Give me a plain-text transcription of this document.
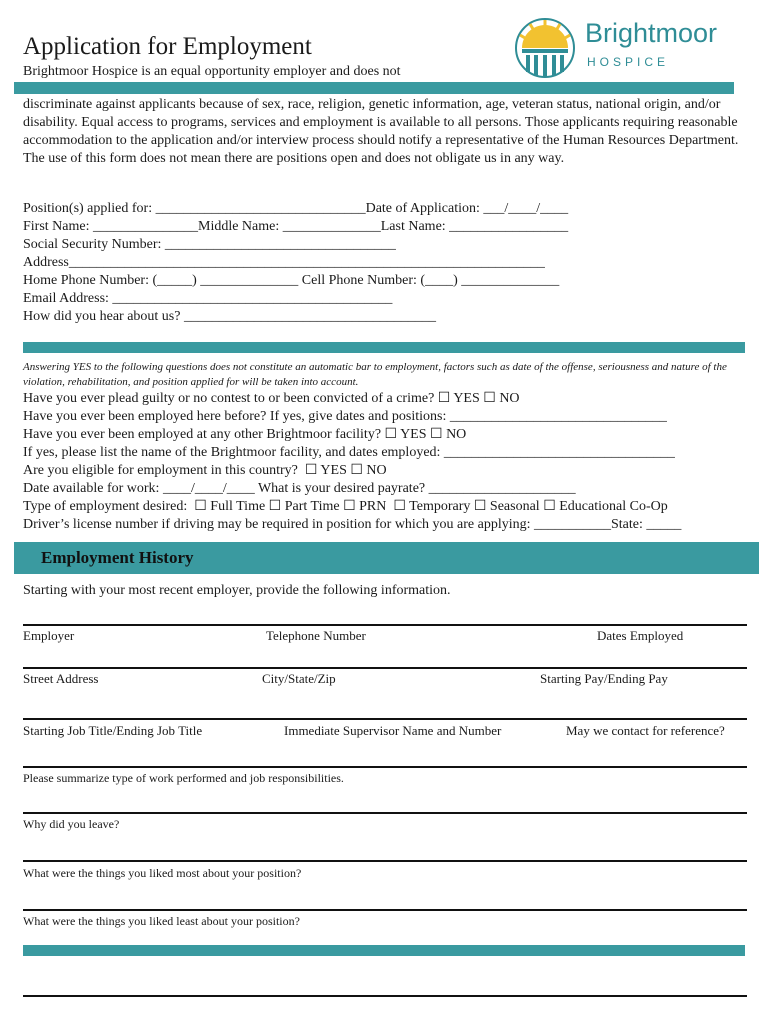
Application for Employment
Brightmoor Hospice is an equal opportunity employer and does not
Brightmoor
HOSPICE
discriminate against applicants because of sex, race, religion, genetic information, age, veteran status, national origin, and/or disability. Equal access to programs, services and employment is available to all persons. Those applicants requiring reasonable accommodation to the application and/or interview process should notify a representative of the Human Resources Department. The use of this form does not mean there are positions open and does not obligate us in any way.
Position(s) applied for: ______________________________Date of Application: ___/____/____
First Name: _______________Middle Name: ______________Last Name: _________________
Social Security Number: _________________________________
Address____________________________________________________________________
Home Phone Number: (_____) ______________ Cell Phone Number: (____) ______________
Email Address: ________________________________________
How did you hear about us? ____________________________________
Answering YES to the following questions does not constitute an automatic bar to employment, factors such as date of the offense, seriousness and nature of the violation, rehabilitation, and position applied for will be taken into account.
Have you ever plead guilty or no contest to or been convicted of a crime? ☐ YES ☐ NO
Have you ever been employed here before? If yes, give dates and positions: _______________________________
Have you ever been employed at any other Brightmoor facility? ☐ YES ☐ NO
If yes, please list the name of the Brightmoor facility, and dates employed: _________________________________
Are you eligible for employment in this country?  ☐ YES ☐ NO
Date available for work: ____/____/____ What is your desired payrate? _____________________
Type of employment desired:  ☐ Full Time ☐ Part Time ☐ PRN  ☐ Temporary ☐ Seasonal ☐ Educational Co-Op
Driver’s license number if driving may be required in position for which you are applying: ___________State: _____
Employment History
Starting with your most recent employer, provide the following information.
Employer	Telephone Number	Dates Employed
Street Address	City/State/Zip	Starting Pay/Ending Pay
Starting Job Title/Ending Job Title	Immediate Supervisor Name and Number	May we contact for reference?
Please summarize type of work performed and job responsibilities.
Why did you leave?
What were the things you liked most about your position?
What were the things you liked least about your position?
